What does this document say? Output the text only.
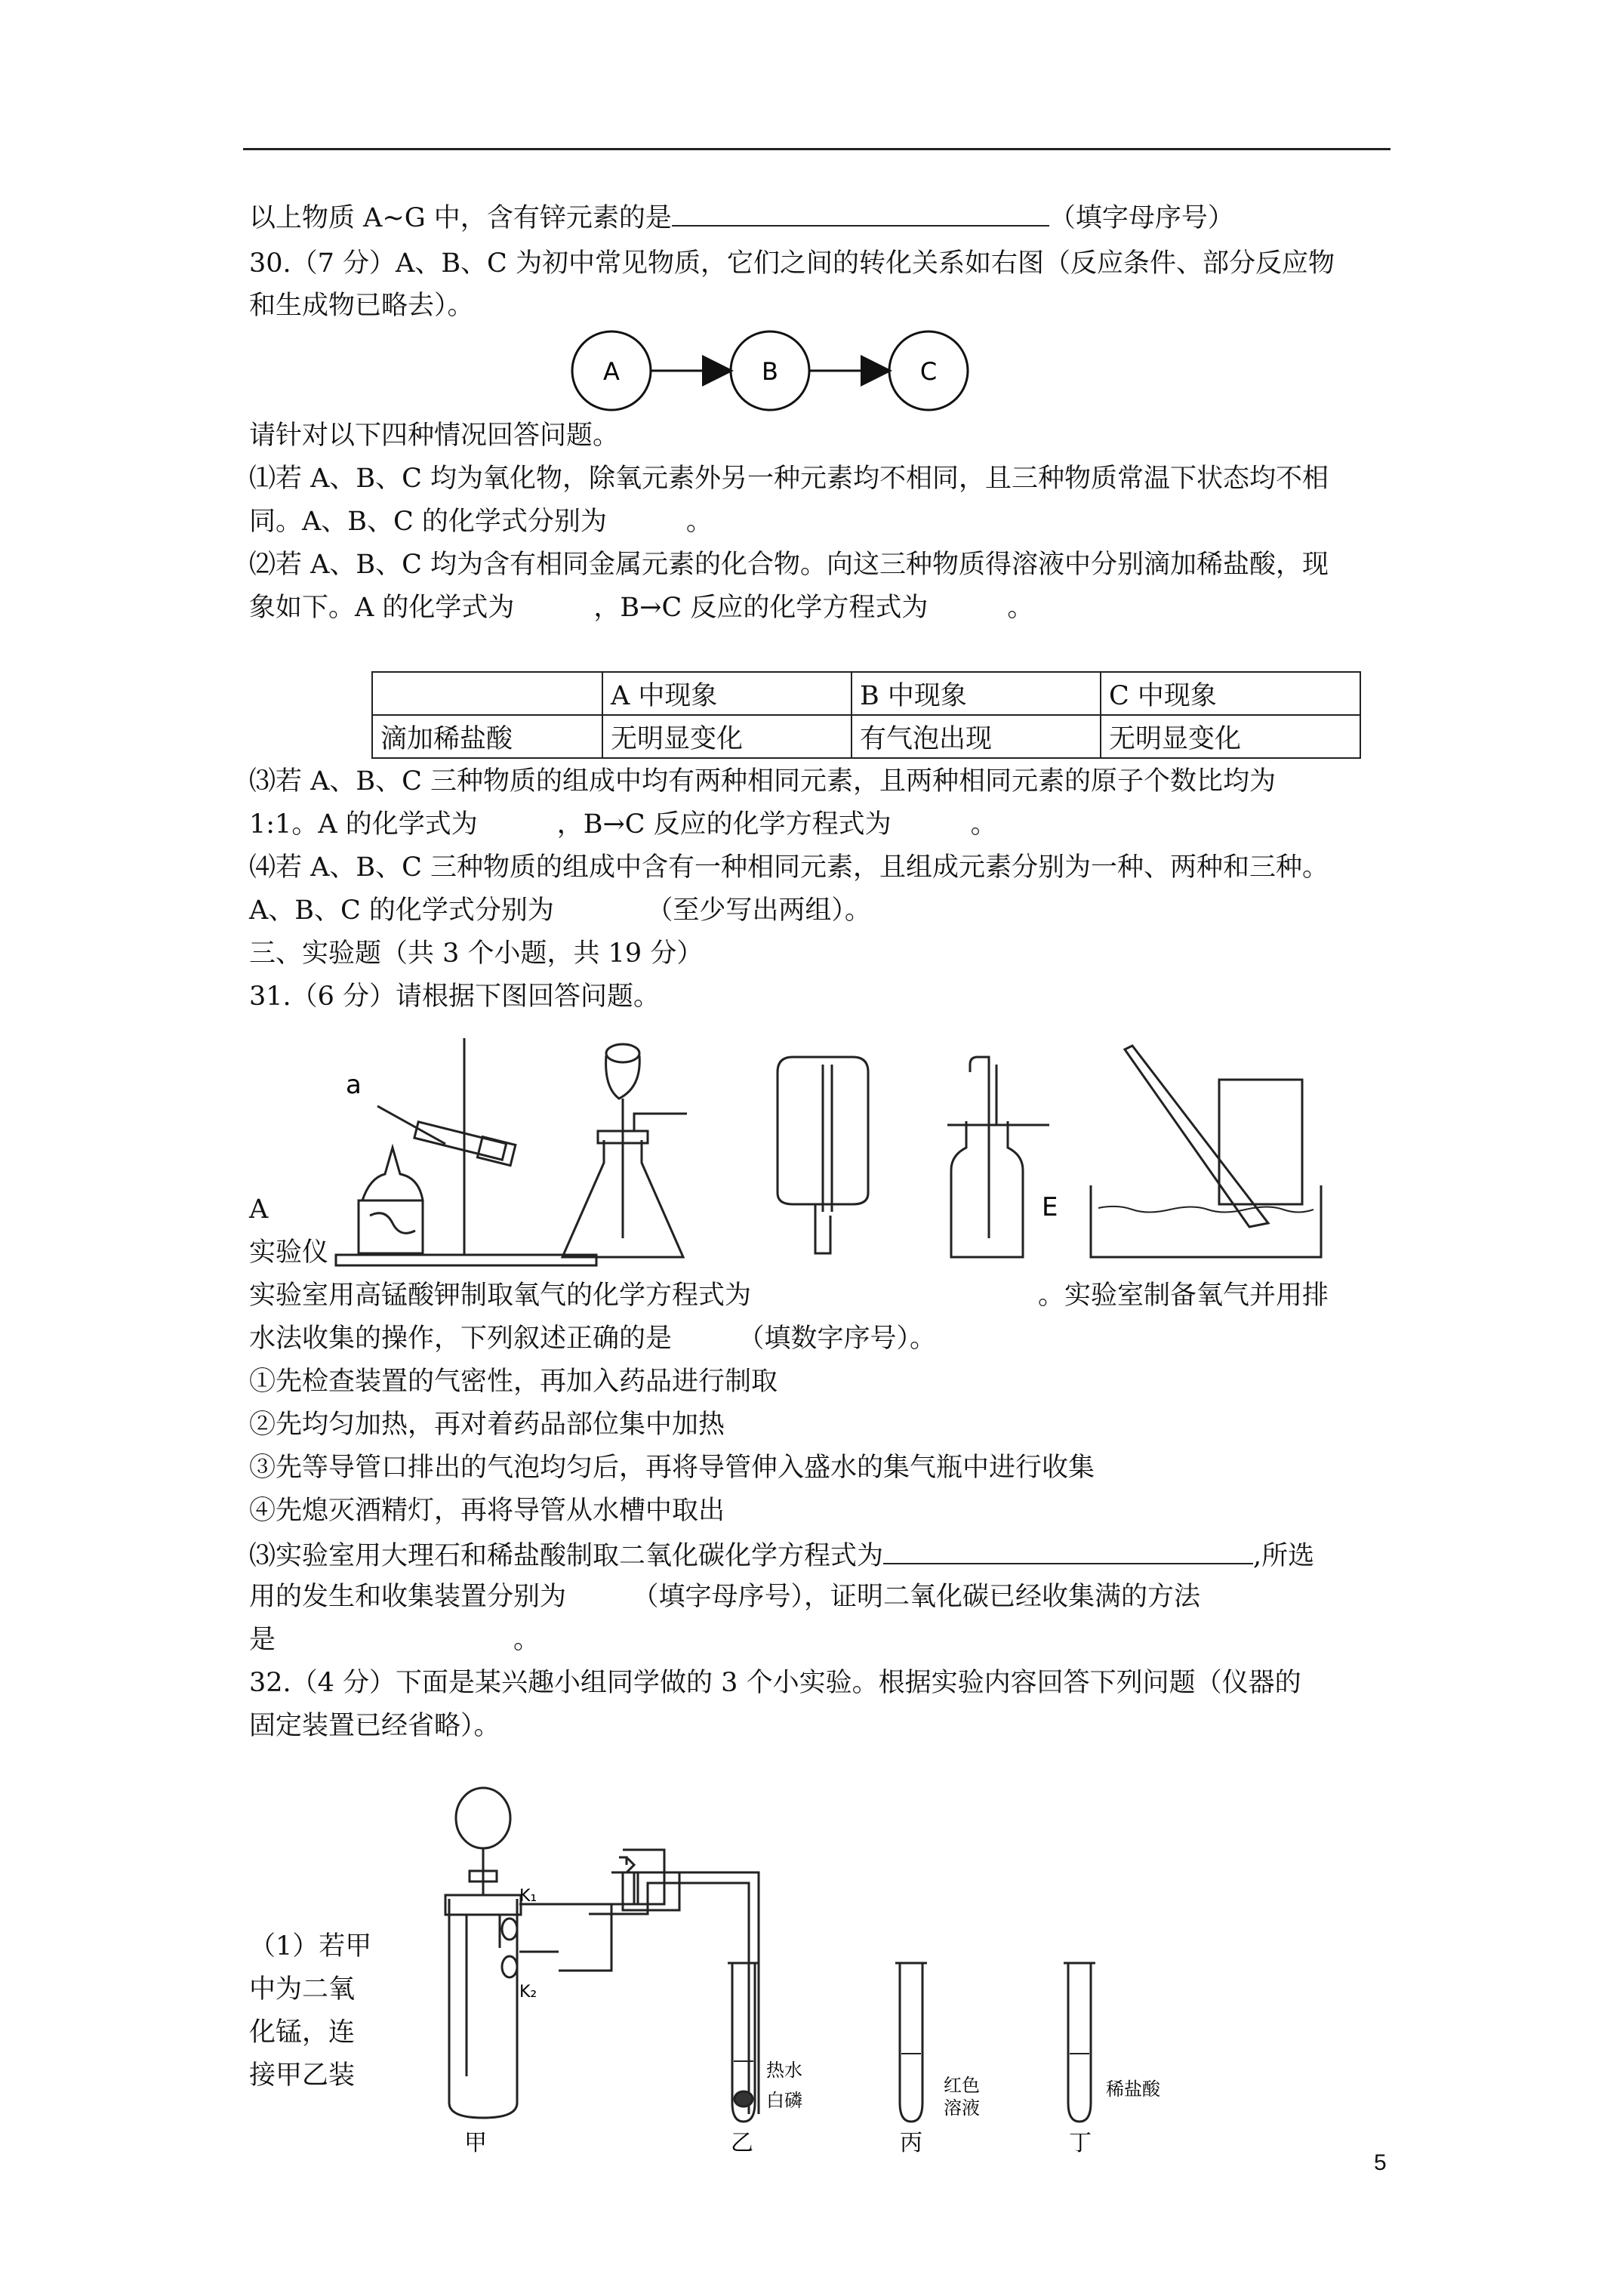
以上物质 A~G 中，含有锌元素的是	（填字母序号）
30.（7 分）A、B、C 为初中常见物质，它们之间的转化关系如右图（反应条件、部分反应物
和生成物已略去）。
A	B	C
请针对以下四种情况回答问题。
⑴若 A、B、C 均为氧化物，除氧元素外另一种元素均不相同，且三种物质常温下状态均不相
同。A、B、C 的化学式分别为　　　。
⑵若 A、B、C 均为含有相同金属元素的化合物。向这三种物质得溶液中分别滴加稀盐酸，现
象如下。A 的化学式为　　　，B→C 反应的化学方程式为　　　。
	A 中现象	B 中现象	C 中现象
滴加稀盐酸	无明显变化	有气泡出现	无明显变化
⑶若 A、B、C 三种物质的组成中均有两种相同元素，且两种相同元素的原子个数比均为
1:1。A 的化学式为　　　，B→C 反应的化学方程式为　　　。
⑷若 A、B、C 三种物质的组成中含有一种相同元素，且组成元素分别为一种、两种和三种。
A、B、C 的化学式分别为　　　　（至少写出两组）。
三、实验题（共 3 个小题，共 19 分）
31.（6 分）请根据下图回答问题。
a
E
A
实验仪
实验室用高锰酸钾制取氧气的化学方程式为	。实验室制备氧气并用排
水法收集的操作，下列叙述正确的是　　　（填数字序号）。
①先检查装置的气密性，再加入药品进行制取
②先均匀加热，再对着药品部位集中加热
③先等导管口排出的气泡均匀后，再将导管伸入盛水的集气瓶中进行收集
④先熄灭酒精灯，再将导管从水槽中取出
⑶实验室用大理石和稀盐酸制取二氧化碳化学方程式为	,所选
用的发生和收集装置分别为　　　（填字母序号），证明二氧化碳已经收集满的方法
是　　　　　　　　　。
32.（4 分）下面是某兴趣小组同学做的 3 个小实验。根据实验内容回答下列问题（仪器的
固定装置已经省略）。
（1）若甲
中为二氧
化锰，连
接甲乙装
K₁
K₂
甲
热水
白磷
乙
红色
溶液
丙
稀盐酸
丁
5
